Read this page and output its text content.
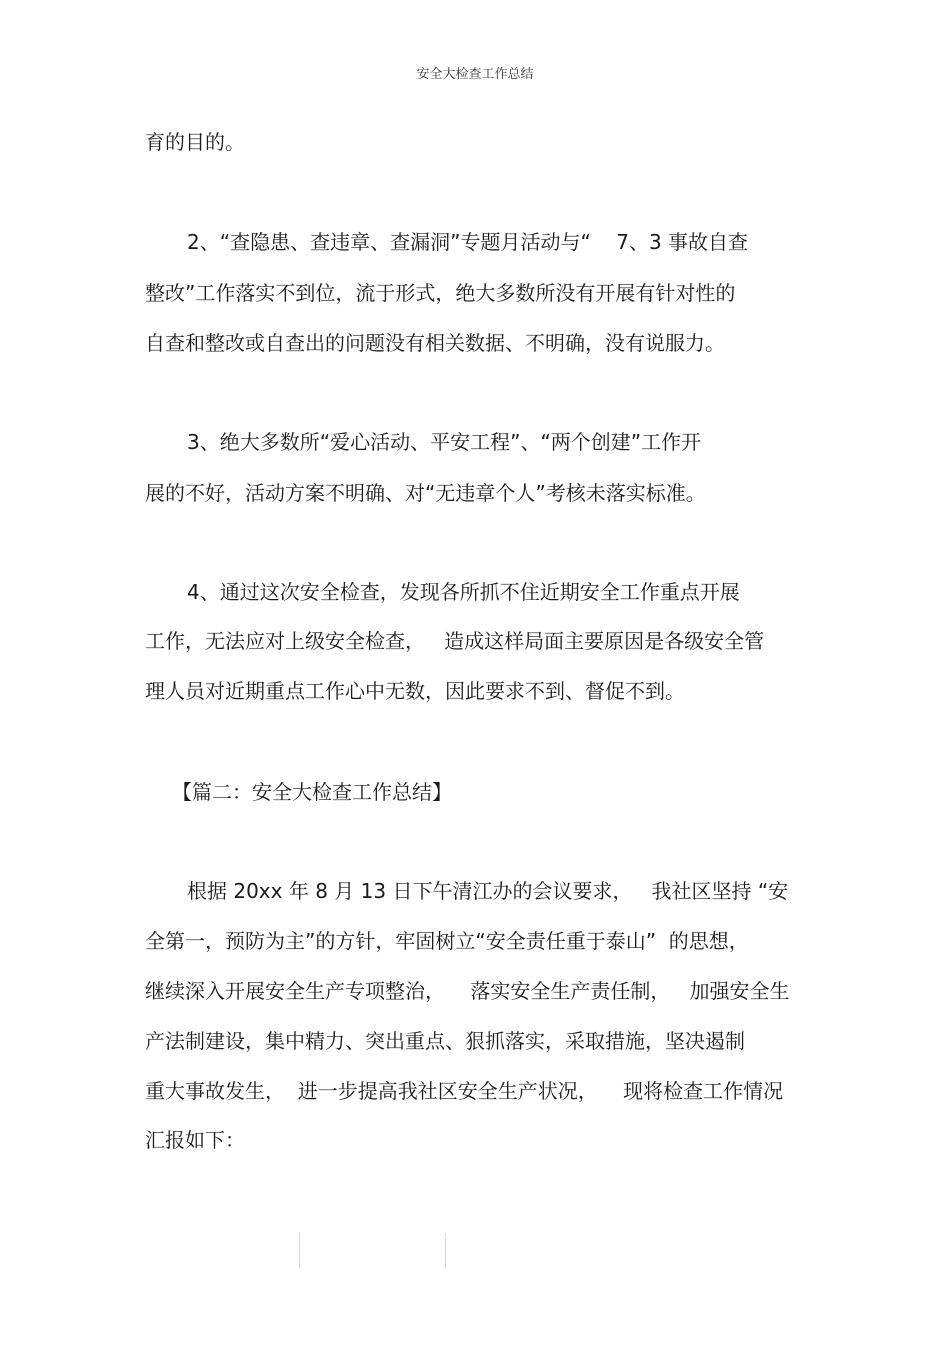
安全大检查工作总结
育的目的。
2、“查隐患、查违章、查漏洞”专题月活动与“    7、3 事故自查
整改”工作落实不到位，流于形式，绝大多数所没有开展有针对性的
自查和整改或自查出的问题没有相关数据、不明确，没有说服力。
3、绝大多数所“爱心活动、平安工程”、“两个创建”工作开
展的不好，活动方案不明确、对“无违章个人”考核未落实标准。
4、通过这次安全检查，发现各所抓不住近期安全工作重点开展
工作，无法应对上级安全检查，   造成这样局面主要原因是各级安全管
理人员对近期重点工作心中无数，因此要求不到、督促不到。
【篇二：安全大检查工作总结】
根据 20xx 年 8 月 13 日下午清江办的会议要求，   我社区坚持 “安
全第一，预防为主”的方针，牢固树立“安全责任重于泰山”  的思想，
继续深入开展安全生产专项整治，    落实安全生产责任制，   加强安全生
产法制建设，集中精力、突出重点、狠抓落实，采取措施，坚决遏制
重大事故发生，  进一步提高我社区安全生产状况，    现将检查工作情况
汇报如下：
